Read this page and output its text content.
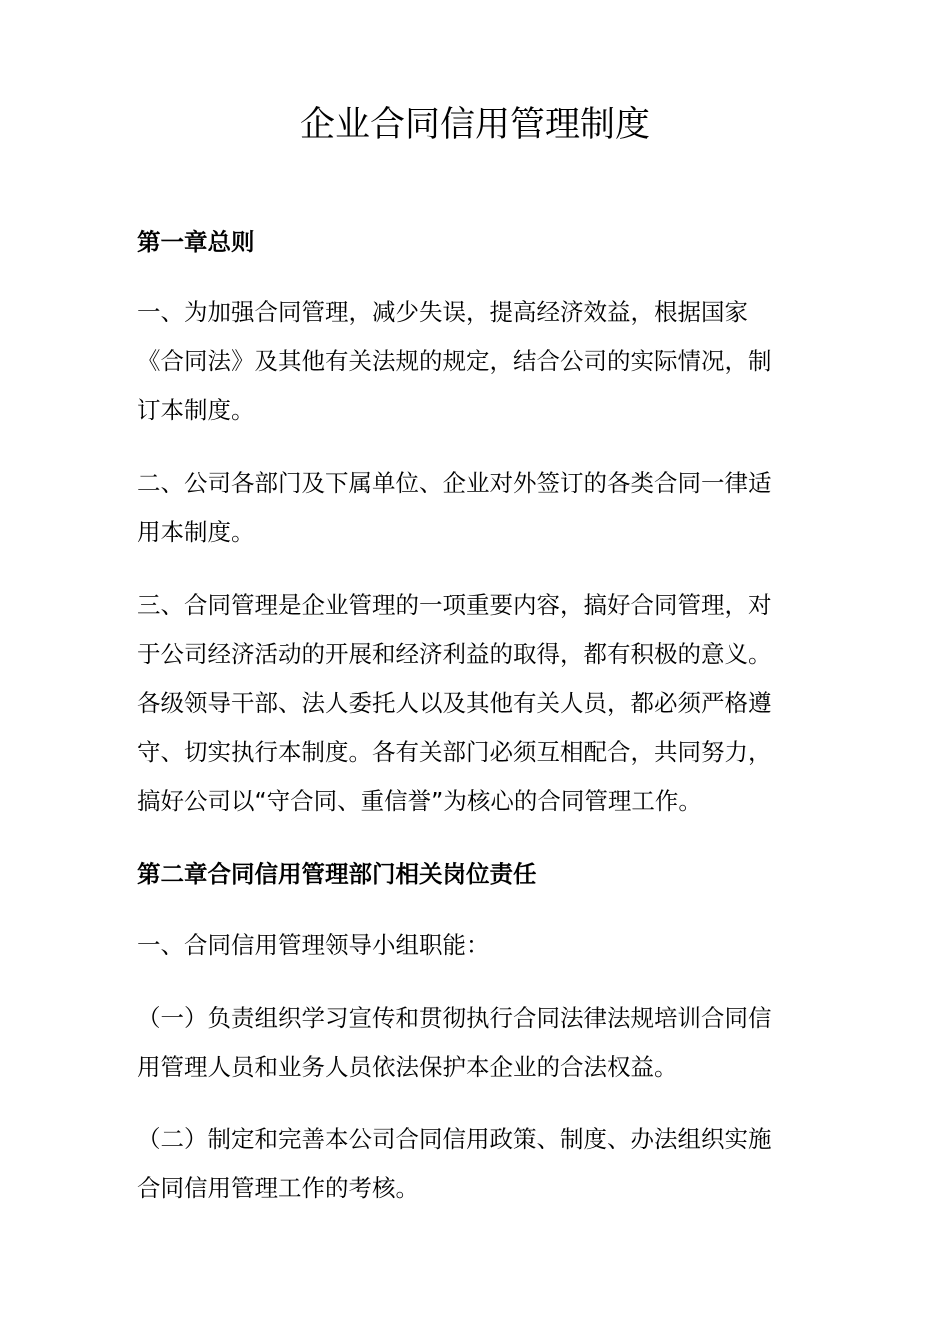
企业合同信用管理制度
第一章总则

一、为加强合同管理，减少失误，提高经济效益，根据国家
《合同法》及其他有关法规的规定，结合公司的实际情况，制
订本制度。

二、公司各部门及下属单位、企业对外签订的各类合同一律适
用本制度。

三、合同管理是企业管理的一项重要内容，搞好合同管理，对
于公司经济活动的开展和经济利益的取得，都有积极的意义。
各级领导干部、法人委托人以及其他有关人员，都必须严格遵
守、切实执行本制度。各有关部门必须互相配合，共同努力，
搞好公司以“守合同、重信誉”为核心的合同管理工作。

第二章合同信用管理部门相关岗位责任

一、合同信用管理领导小组职能：

（一）负责组织学习宣传和贯彻执行合同法律法规培训合同信
用管理人员和业务人员依法保护本企业的合法权益。

（二）制定和完善本公司合同信用政策、制度、办法组织实施
合同信用管理工作的考核。
